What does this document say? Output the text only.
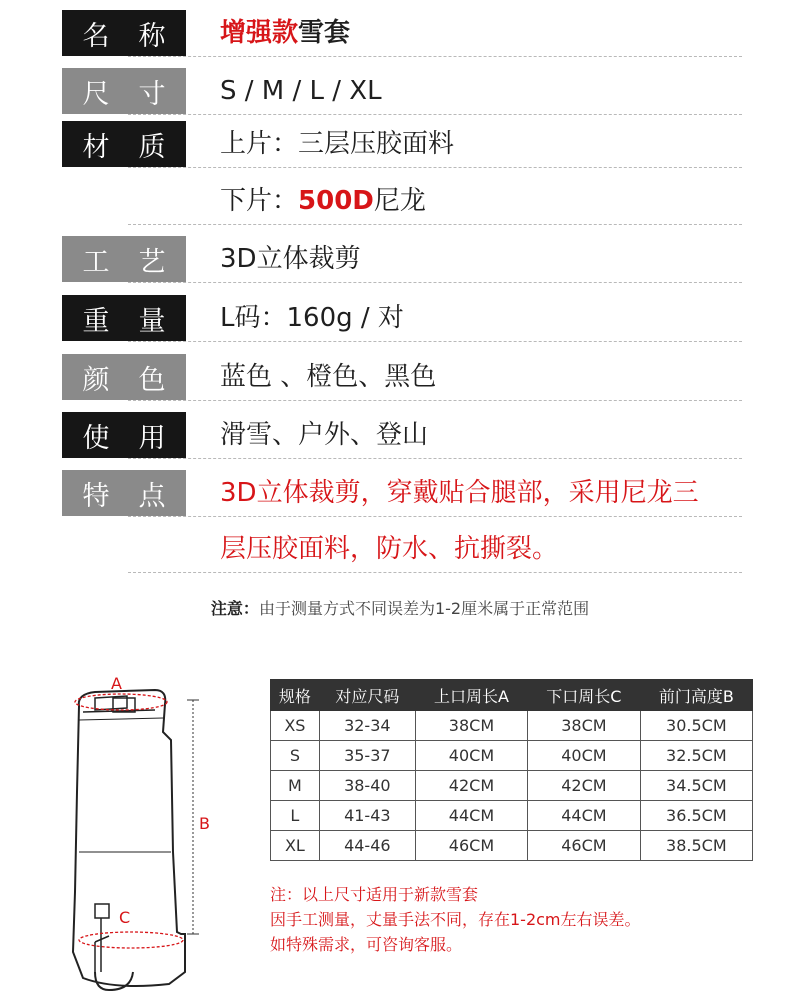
名 称 增强款雪套
尺 寸 S / M / L / XL
材 质 上片：三层压胶面料
下片：500D尼龙
工 艺 3D立体裁剪
重 量 L码：160g / 对
颜 色 蓝色 、橙色、黑色
使 用 滑雪、户外、登山
特 点 3D立体裁剪，穿戴贴合腿部，采用尼龙三
层压胶面料，防水、抗撕裂。
注意：由于测量方式不同误差为1-2厘米属于正常范围
A
B
C
规格	对应尺码	上口周长A	下口周长C	前门高度B
XS	32-34	38CM	38CM	30.5CM
S	35-37	40CM	40CM	32.5CM
M	38-40	42CM	42CM	34.5CM
L	41-43	44CM	44CM	36.5CM
XL	44-46	46CM	46CM	38.5CM
注：以上尺寸适用于新款雪套
因手工测量，丈量手法不同，存在1-2cm左右误差。
如特殊需求，可咨询客服。
